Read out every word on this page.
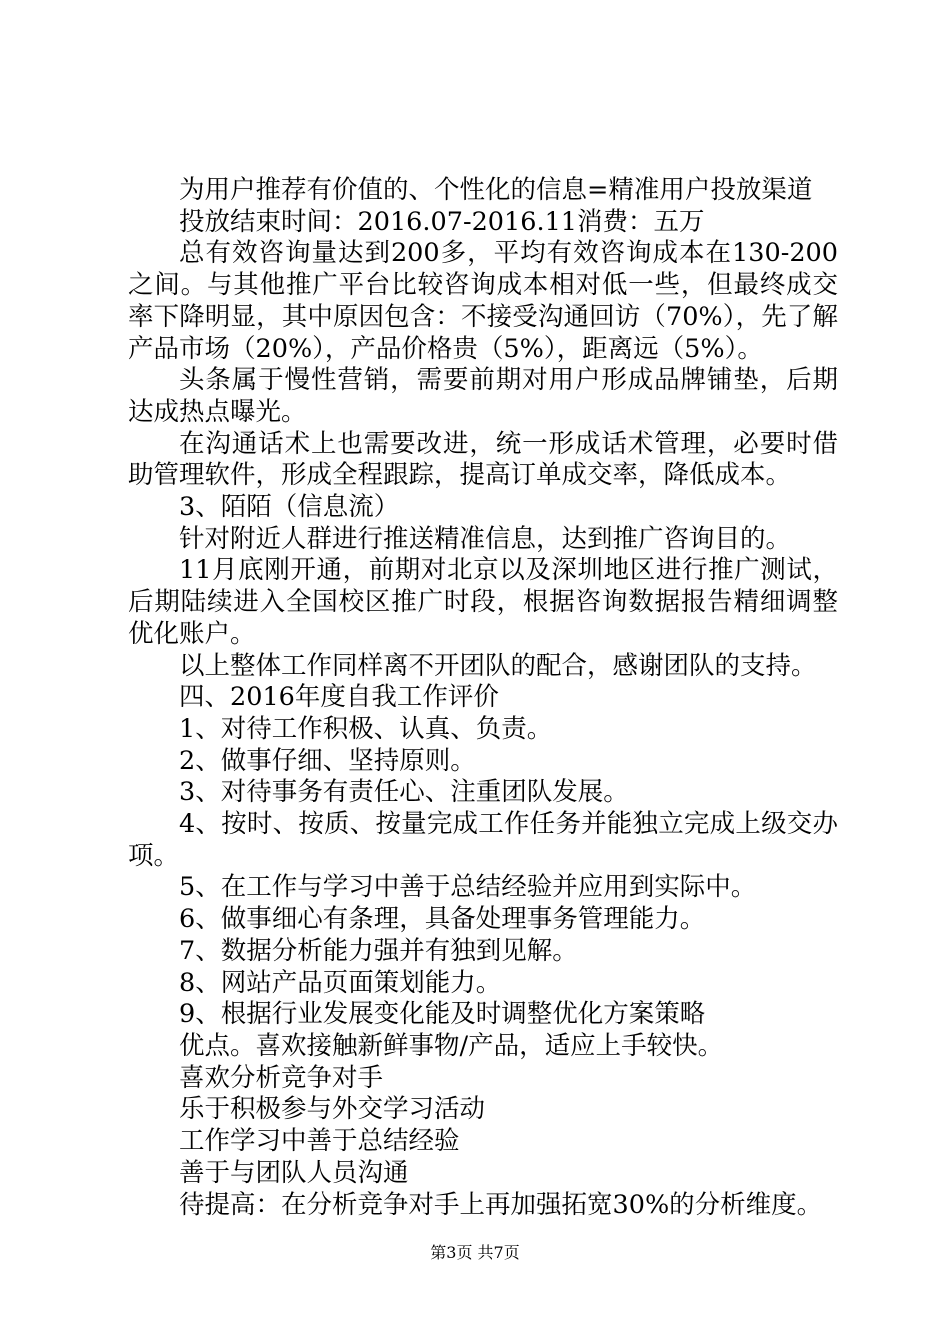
为用户推荐有价值的、个性化的信息=精准用户投放渠道

投放结束时间：2016.07-2016.11消费：五万

总有效咨询量达到200多，平均有效咨询成本在130-200之间。与其他推广平台比较咨询成本相对低一些，但最终成交率下降明显，其中原因包含：不接受沟通回访（70%），先了解产品市场（20%），产品价格贵（5%），距离远（5%）。

头条属于慢性营销，需要前期对用户形成品牌铺垫，后期达成热点曝光。

在沟通话术上也需要改进，统一形成话术管理，必要时借助管理软件，形成全程跟踪，提高订单成交率，降低成本。

3、陌陌（信息流）

针对附近人群进行推送精准信息，达到推广咨询目的。

11月底刚开通，前期对北京以及深圳地区进行推广测试，后期陆续进入全国校区推广时段，根据咨询数据报告精细调整优化账户。

以上整体工作同样离不开团队的配合，感谢团队的支持。

四、2016年度自我工作评价

1、对待工作积极、认真、负责。

2、做事仔细、坚持原则。

3、对待事务有责任心、注重团队发展。

4、按时、按质、按量完成工作任务并能独立完成上级交办项。

5、在工作与学习中善于总结经验并应用到实际中。

6、做事细心有条理，具备处理事务管理能力。

7、数据分析能力强并有独到见解。

8、网站产品页面策划能力。

9、根据行业发展变化能及时调整优化方案策略

优点。喜欢接触新鲜事物/产品，适应上手较快。

喜欢分析竞争对手

乐于积极参与外交学习活动

工作学习中善于总结经验

善于与团队人员沟通

待提高：在分析竞争对手上再加强拓宽30%的分析维度。

第3页 共7页
